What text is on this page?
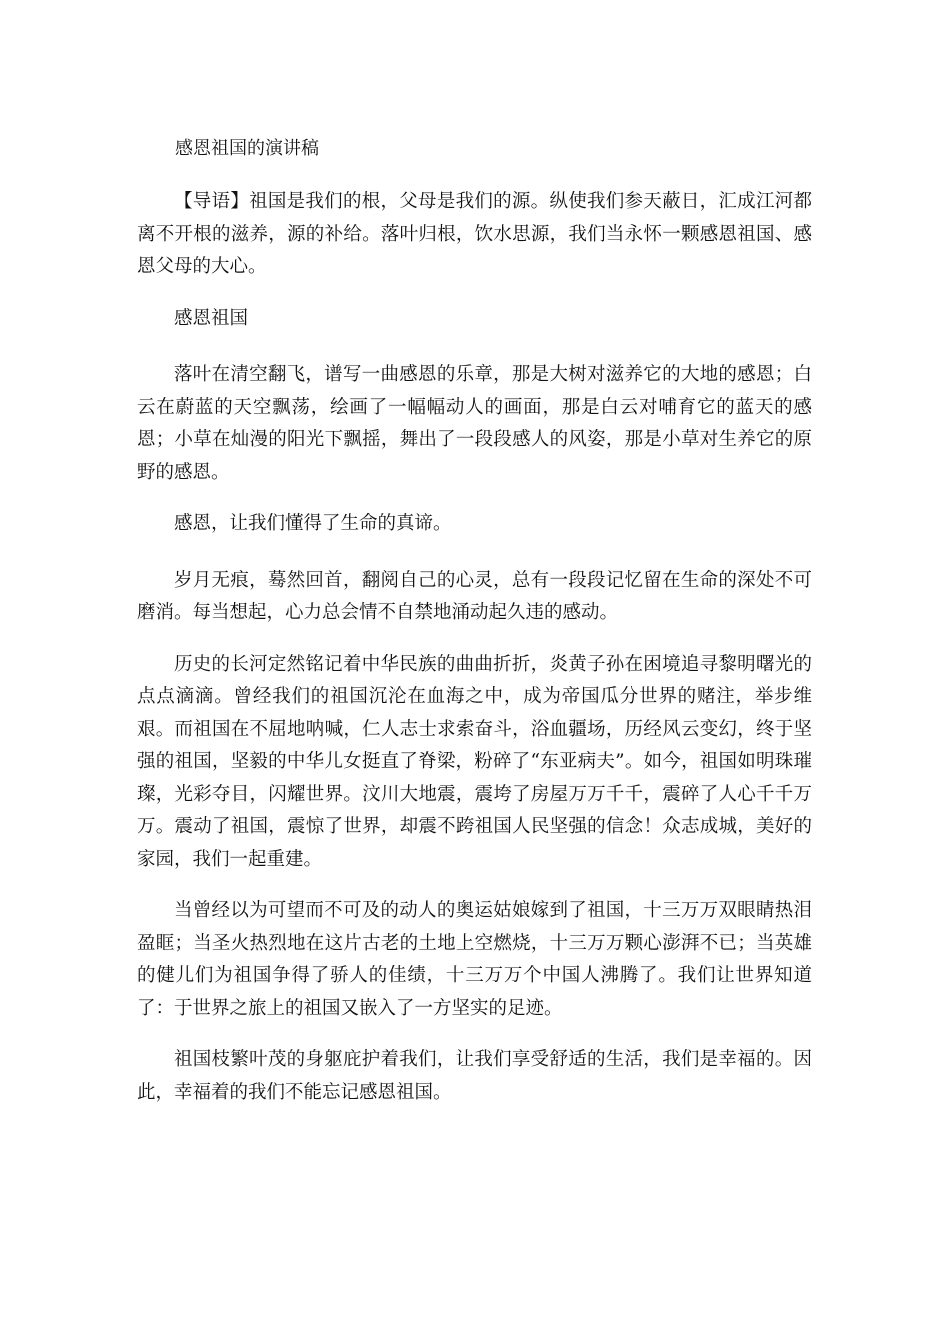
感恩祖国的演讲稿

【导语】祖国是我们的根，父母是我们的源。纵使我们参天蔽日，汇成江河都离不开根的滋养，源的补给。落叶归根，饮水思源，我们当永怀一颗感恩祖国、感恩父母的大心。

感恩祖国

落叶在清空翻飞，谱写一曲感恩的乐章，那是大树对滋养它的大地的感恩；白云在蔚蓝的天空飘荡，绘画了一幅幅动人的画面，那是白云对哺育它的蓝天的感恩；小草在灿漫的阳光下飘摇，舞出了一段段感人的风姿，那是小草对生养它的原野的感恩。

感恩，让我们懂得了生命的真谛。

岁月无痕，蓦然回首，翻阅自己的心灵，总有一段段记忆留在生命的深处不可磨消。每当想起，心力总会情不自禁地涌动起久违的感动。

历史的长河定然铭记着中华民族的曲曲折折，炎黄子孙在困境追寻黎明曙光的点点滴滴。曾经我们的祖国沉沦在血海之中，成为帝国瓜分世界的赌注，举步维艰。而祖国在不屈地呐喊，仁人志士求索奋斗，浴血疆场，历经风云变幻，终于坚强的祖国，坚毅的中华儿女挺直了脊梁，粉碎了“东亚病夫”。如今，祖国如明珠璀璨，光彩夺目，闪耀世界。汶川大地震，震垮了房屋万万千千，震碎了人心千千万万。震动了祖国，震惊了世界，却震不跨祖国人民坚强的信念！众志成城，美好的家园，我们一起重建。

当曾经以为可望而不可及的动人的奥运姑娘嫁到了祖国，十三万万双眼睛热泪盈眶；当圣火热烈地在这片古老的土地上空燃烧，十三万万颗心澎湃不已；当英雄的健儿们为祖国争得了骄人的佳绩，十三万万个中国人沸腾了。我们让世界知道了：于世界之旅上的祖国又嵌入了一方坚实的足迹。

祖国枝繁叶茂的身躯庇护着我们，让我们享受舒适的生活，我们是幸福的。因此，幸福着的我们不能忘记感恩祖国。
